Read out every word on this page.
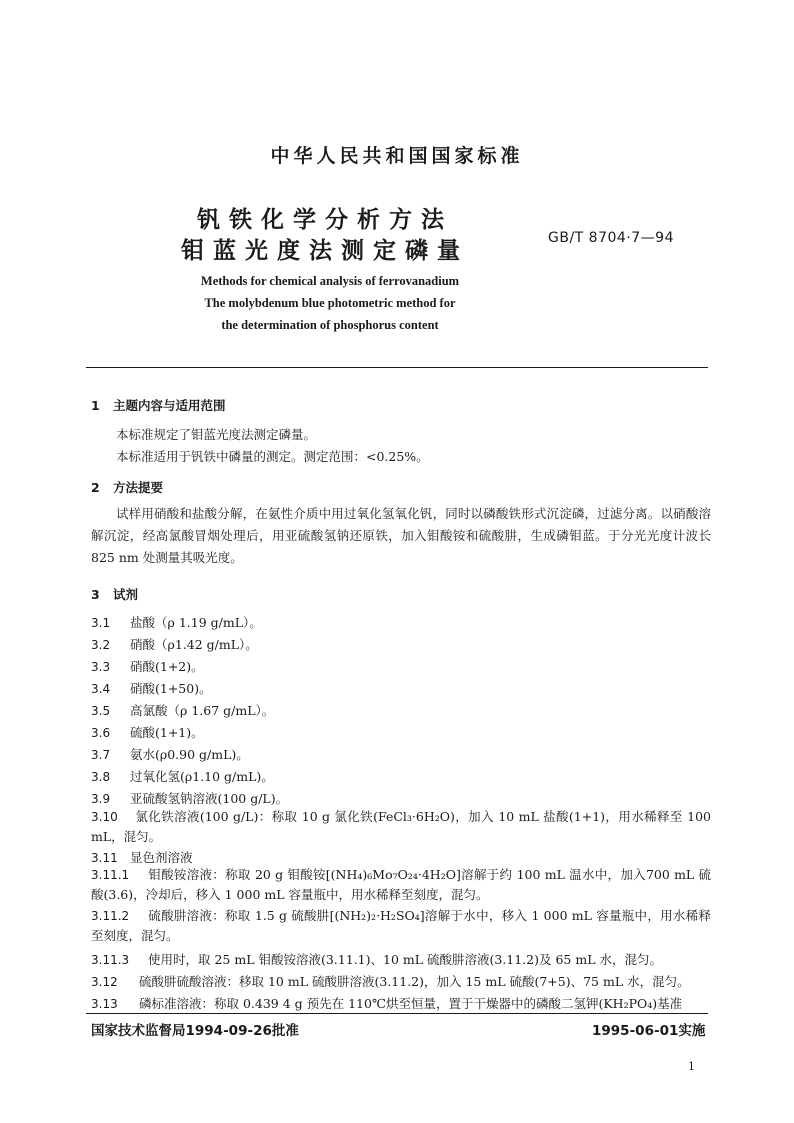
中华人民共和国国家标准
钒铁化学分析方法
钼蓝光度法测定磷量	GB/T 8704·7—94
Methods for chemical analysis of ferrovanadium
The molybdenum blue photometric method for
the determination of phosphorus content
1 主题内容与适用范围
本标准规定了钼蓝光度法测定磷量。
本标准适用于钒铁中磷量的测定。测定范围：<0.25%。
2 方法提要

试样用硝酸和盐酸分解，在氨性介质中用过氧化氢氧化钒，同时以磷酸铁形式沉淀磷，过滤分离。以硝酸溶解沉淀，经高氯酸冒烟处理后，用亚硫酸氢钠还原铁，加入钼酸铵和硫酸肼，生成磷钼蓝。于分光光度计波长 825 nm 处测量其吸光度。

3 试剂
3.1 盐酸（ρ 1.19 g/mL）。
3.2 硝酸（ρ1.42 g/mL）。
3.3 硝酸(1+2)。
3.4 硝酸(1+50)。
3.5 高氯酸（ρ 1.67 g/mL）。
3.6 硫酸(1+1)。
3.7 氨水(ρ0.90 g/mL)。
3.8 过氧化氢(ρ1.10 g/mL)。
3.9 亚硫酸氢钠溶液(100 g/L)。

3.10 氯化铁溶液(100 g/L)：称取 10 g 氯化铁(FeCl₃·6H₂O)，加入 10 mL 盐酸(1+1)，用水稀释至 100 mL，混匀。

3.11 显色剂溶液

3.11.1 钼酸铵溶液：称取 20 g 钼酸铵[(NH₄)₆Mo₇O₂₄·4H₂O]溶解于约 100 mL 温水中，加入700 mL 硫酸(3.6)，冷却后，移入 1 000 mL 容量瓶中，用水稀释至刻度，混匀。

3.11.2 硫酸肼溶液：称取 1.5 g 硫酸肼[(NH₂)₂·H₂SO₄]溶解于水中，移入 1 000 mL 容量瓶中，用水稀释至刻度，混匀。

3.11.3 使用时，取 25 mL 钼酸铵溶液(3.11.1)、10 mL 硫酸肼溶液(3.11.2)及 65 mL 水，混匀。
3.12 硫酸肼硫酸溶液：移取 10 mL 硫酸肼溶液(3.11.2)，加入 15 mL 硫酸(7+5)、75 mL 水，混匀。
3.13 磷标准溶液：称取 0.439 4 g 预先在 110℃烘至恒量，置于干燥器中的磷酸二氢钾(KH₂PO₄)基准
国家技术监督局1994-09-26批准	1995-06-01实施
1
